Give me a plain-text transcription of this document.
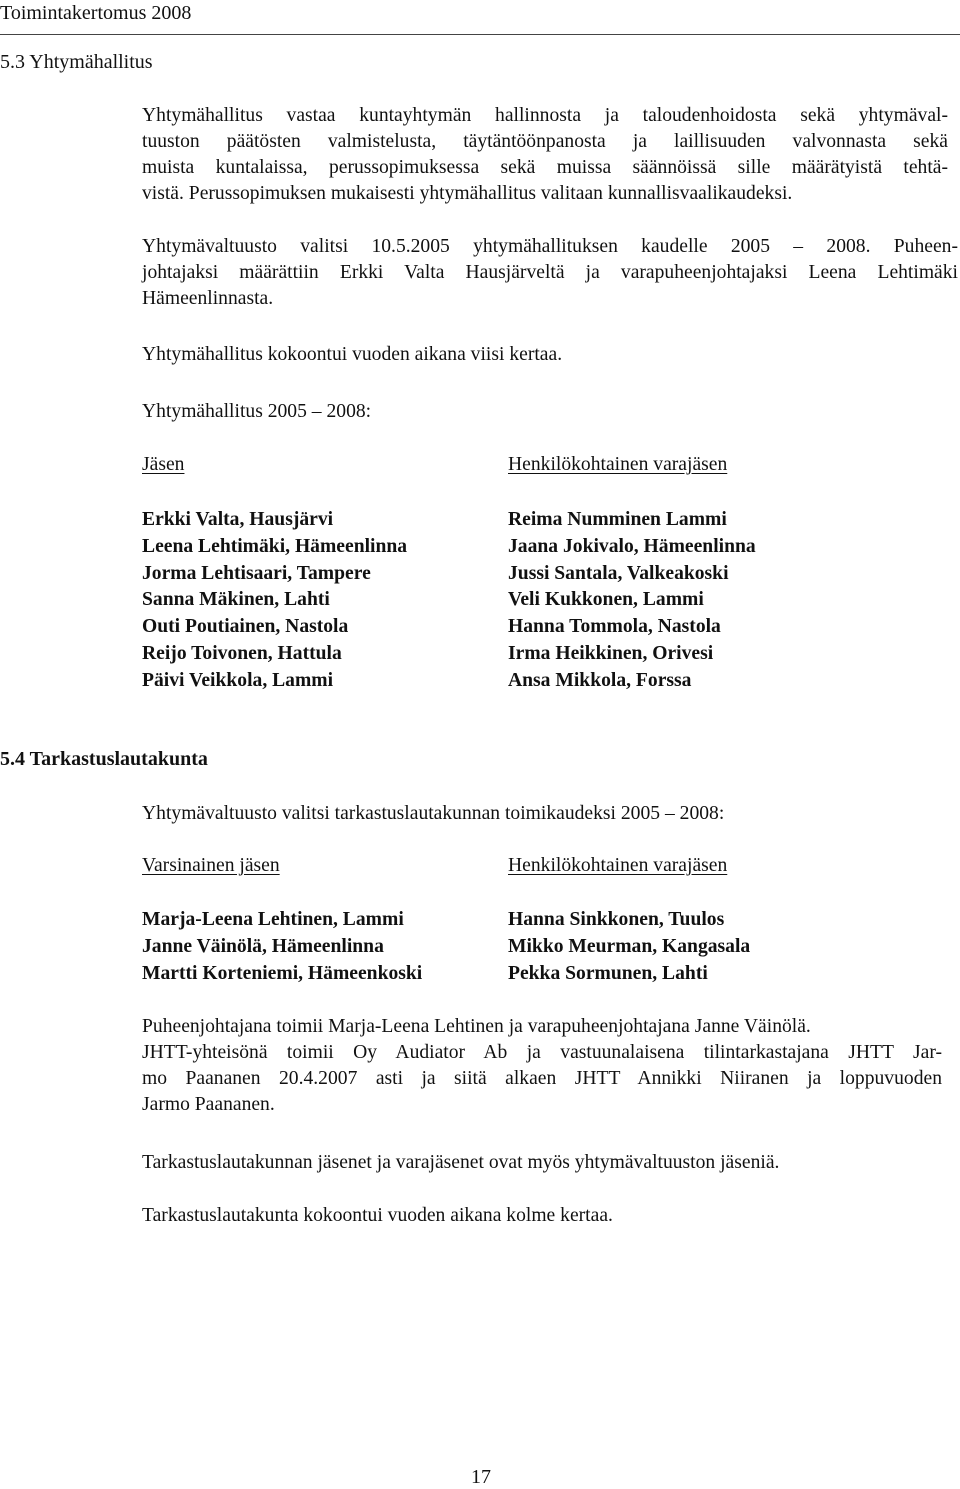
Toimintakertomus 2008
5.3 Yhtymähallitus
Yhtymähallitus vastaa kuntayhtymän hallinnosta ja taloudenhoidosta sekä yhtymäval-
tuuston päätösten valmistelusta, täytäntöönpanosta ja laillisuuden valvonnasta sekä
muista kuntalaissa, perussopimuksessa sekä muissa säännöissä sille määrätyistä tehtä-
vistä. Perussopimuksen mukaisesti yhtymähallitus valitaan kunnallisvaalikaudeksi.
Yhtymävaltuusto valitsi 10.5.2005 yhtymähallituksen kaudelle 2005 – 2008. Puheen-
johtajaksi määrättiin Erkki Valta Hausjärveltä ja varapuheenjohtajaksi Leena Lehtimäki
Hämeenlinnasta.
Yhtymähallitus kokoontui vuoden aikana viisi kertaa.
Yhtymähallitus 2005 – 2008:
Jäsen	Henkilökohtainen varajäsen
Erkki Valta, Hausjärvi
Leena Lehtimäki, Hämeenlinna
Jorma Lehtisaari, Tampere
Sanna Mäkinen, Lahti
Outi Poutiainen, Nastola
Reijo Toivonen, Hattula
Päivi Veikkola, Lammi
Reima Numminen Lammi
Jaana Jokivalo, Hämeenlinna
Jussi Santala, Valkeakoski
Veli Kukkonen, Lammi
Hanna Tommola, Nastola
Irma Heikkinen, Orivesi
Ansa Mikkola, Forssa
5.4 Tarkastuslautakunta
Yhtymävaltuusto valitsi tarkastuslautakunnan toimikaudeksi 2005 – 2008:
Varsinainen jäsen	Henkilökohtainen varajäsen
Marja-Leena Lehtinen, Lammi
Janne Väinölä, Hämeenlinna
Martti Korteniemi, Hämeenkoski
Hanna Sinkkonen, Tuulos
Mikko Meurman, Kangasala
Pekka Sormunen, Lahti
Puheenjohtajana toimii Marja-Leena Lehtinen ja varapuheenjohtajana Janne Väinölä.
JHTT-yhteisönä toimii Oy Audiator Ab ja vastuunalaisena tilintarkastajana JHTT Jar-
mo Paananen 20.4.2007 asti ja siitä alkaen JHTT Annikki Niiranen ja loppuvuoden
Jarmo Paananen.
Tarkastuslautakunnan jäsenet ja varajäsenet ovat myös yhtymävaltuuston jäseniä.
Tarkastuslautakunta kokoontui vuoden aikana kolme kertaa.
17
